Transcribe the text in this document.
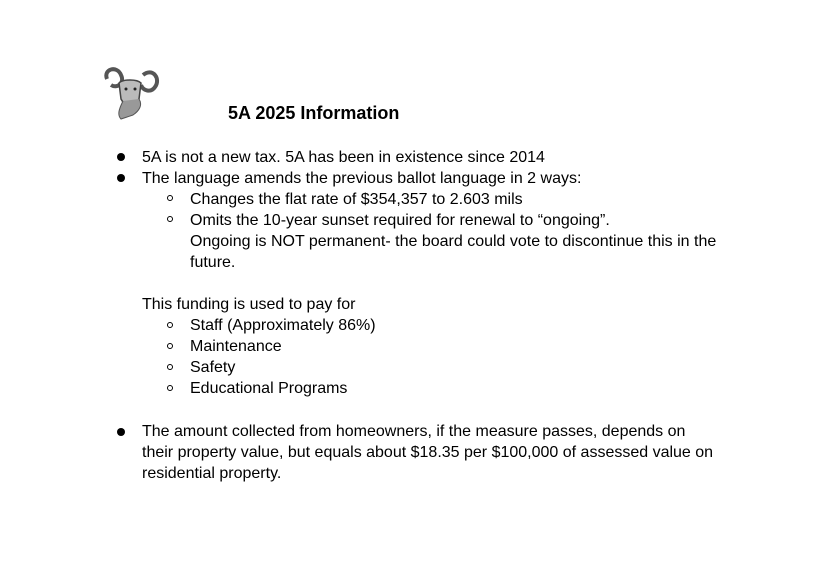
5A 2025 Information
5A is not a new tax. 5A has been in existence since 2014
The language amends the previous ballot language in 2 ways:
Changes the flat rate of $354,357 to 2.603 mils
Omits the 10-year sunset required for renewal to “ongoing”.
Ongoing is NOT permanent- the board could vote to discontinue this in the
future.
This funding is used to pay for
Staff (Approximately 86%)
Maintenance
Safety
Educational Programs
The amount collected from homeowners, if the measure passes, depends on
their property value, but equals about $18.35 per $100,000 of assessed value on
residential property.
